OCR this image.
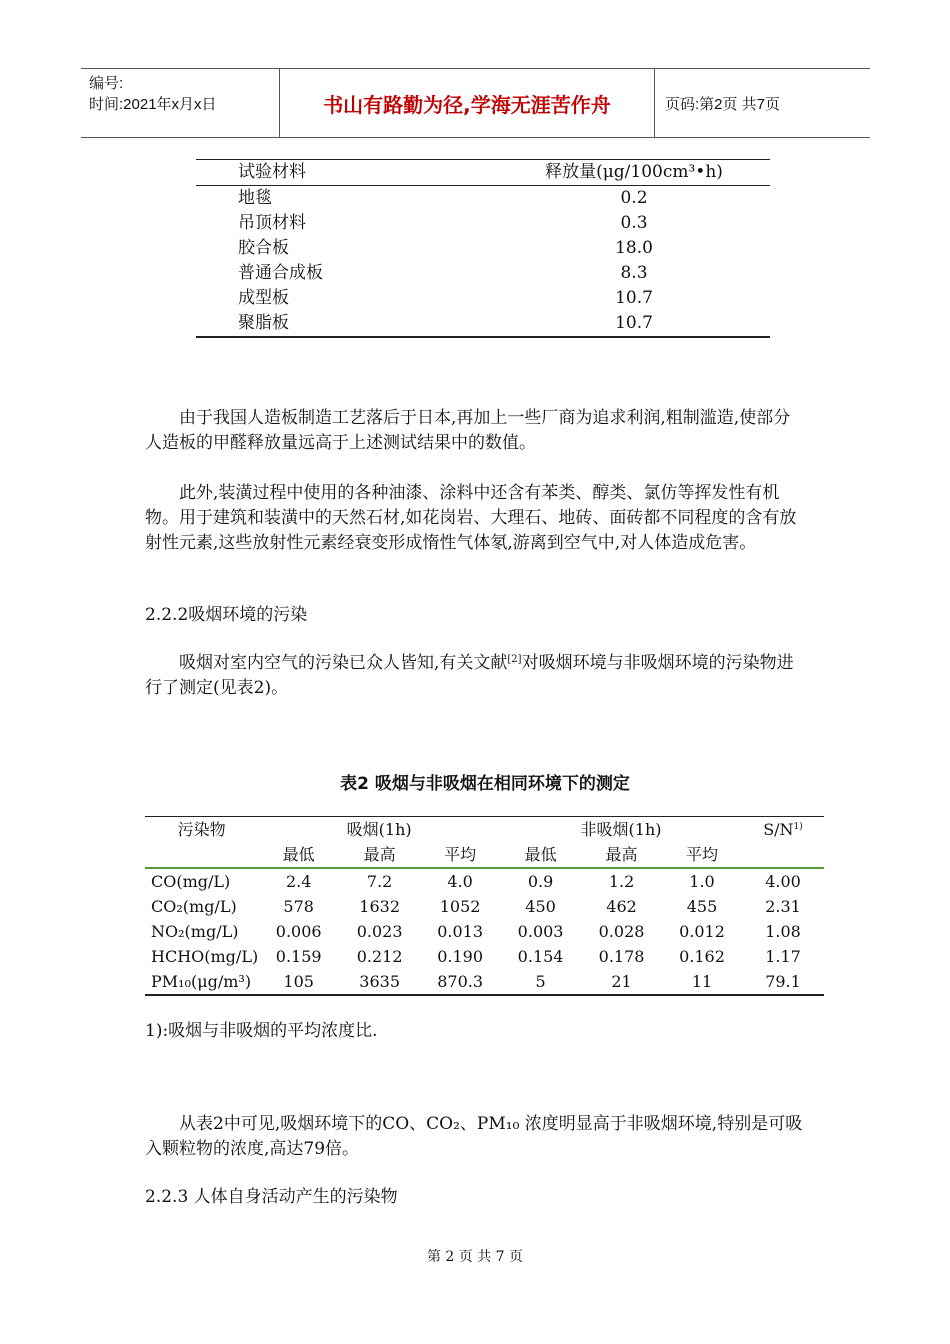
编号:
时间:2021年x月x日	书山有路勤为径,学海无涯苦作舟	页码:第2页 共7页
试验材料	释放量(μg/100cm³•h)
地毯	0.2
吊顶材料	0.3
胶合板	18.0
普通合成板	8.3
成型板	10.7
聚脂板	10.7

由于我国人造板制造工艺落后于日本,再加上一些厂商为追求利润,粗制滥造,使部分人造板的甲醛释放量远高于上述测试结果中的数值。

此外,装潢过程中使用的各种油漆、涂料中还含有苯类、醇类、氯仿等挥发性有机物。用于建筑和装潢中的天然石材,如花岗岩、大理石、地砖、面砖都不同程度的含有放射性元素,这些放射性元素经衰变形成惰性气体氡,游离到空气中,对人体造成危害。

2.2.2吸烟环境的污染

吸烟对室内空气的污染已众人皆知,有关文献[2]对吸烟环境与非吸烟环境的污染物进行了测定(见表2)。

表2 吸烟与非吸烟在相同环境下的测定
污染物	吸烟(1h)			非吸烟(1h)			$S/N^{1)}$
	最低	最高	平均	最低	最高	平均	
CO(mg/L)	2.4	7.2	4.0	0.9	1.2	1.0	4.00
CO₂(mg/L)	578	1632	1052	450	462	455	2.31
NO₂(mg/L)	0.006	0.023	0.013	0.003	0.028	0.012	1.08
HCHO(mg/L)	0.159	0.212	0.190	0.154	0.178	0.162	1.17
PM₁₀(μg/m³)	105	3635	870.3	5	21	11	79.1

1):吸烟与非吸烟的平均浓度比.

从表2中可见,吸烟环境下的CO、CO₂、PM₁₀ 浓度明显高于非吸烟环境,特别是可吸入颗粒物的浓度,高达79倍。

2.2.3 人体自身活动产生的污染物

第 2 页 共 7 页
